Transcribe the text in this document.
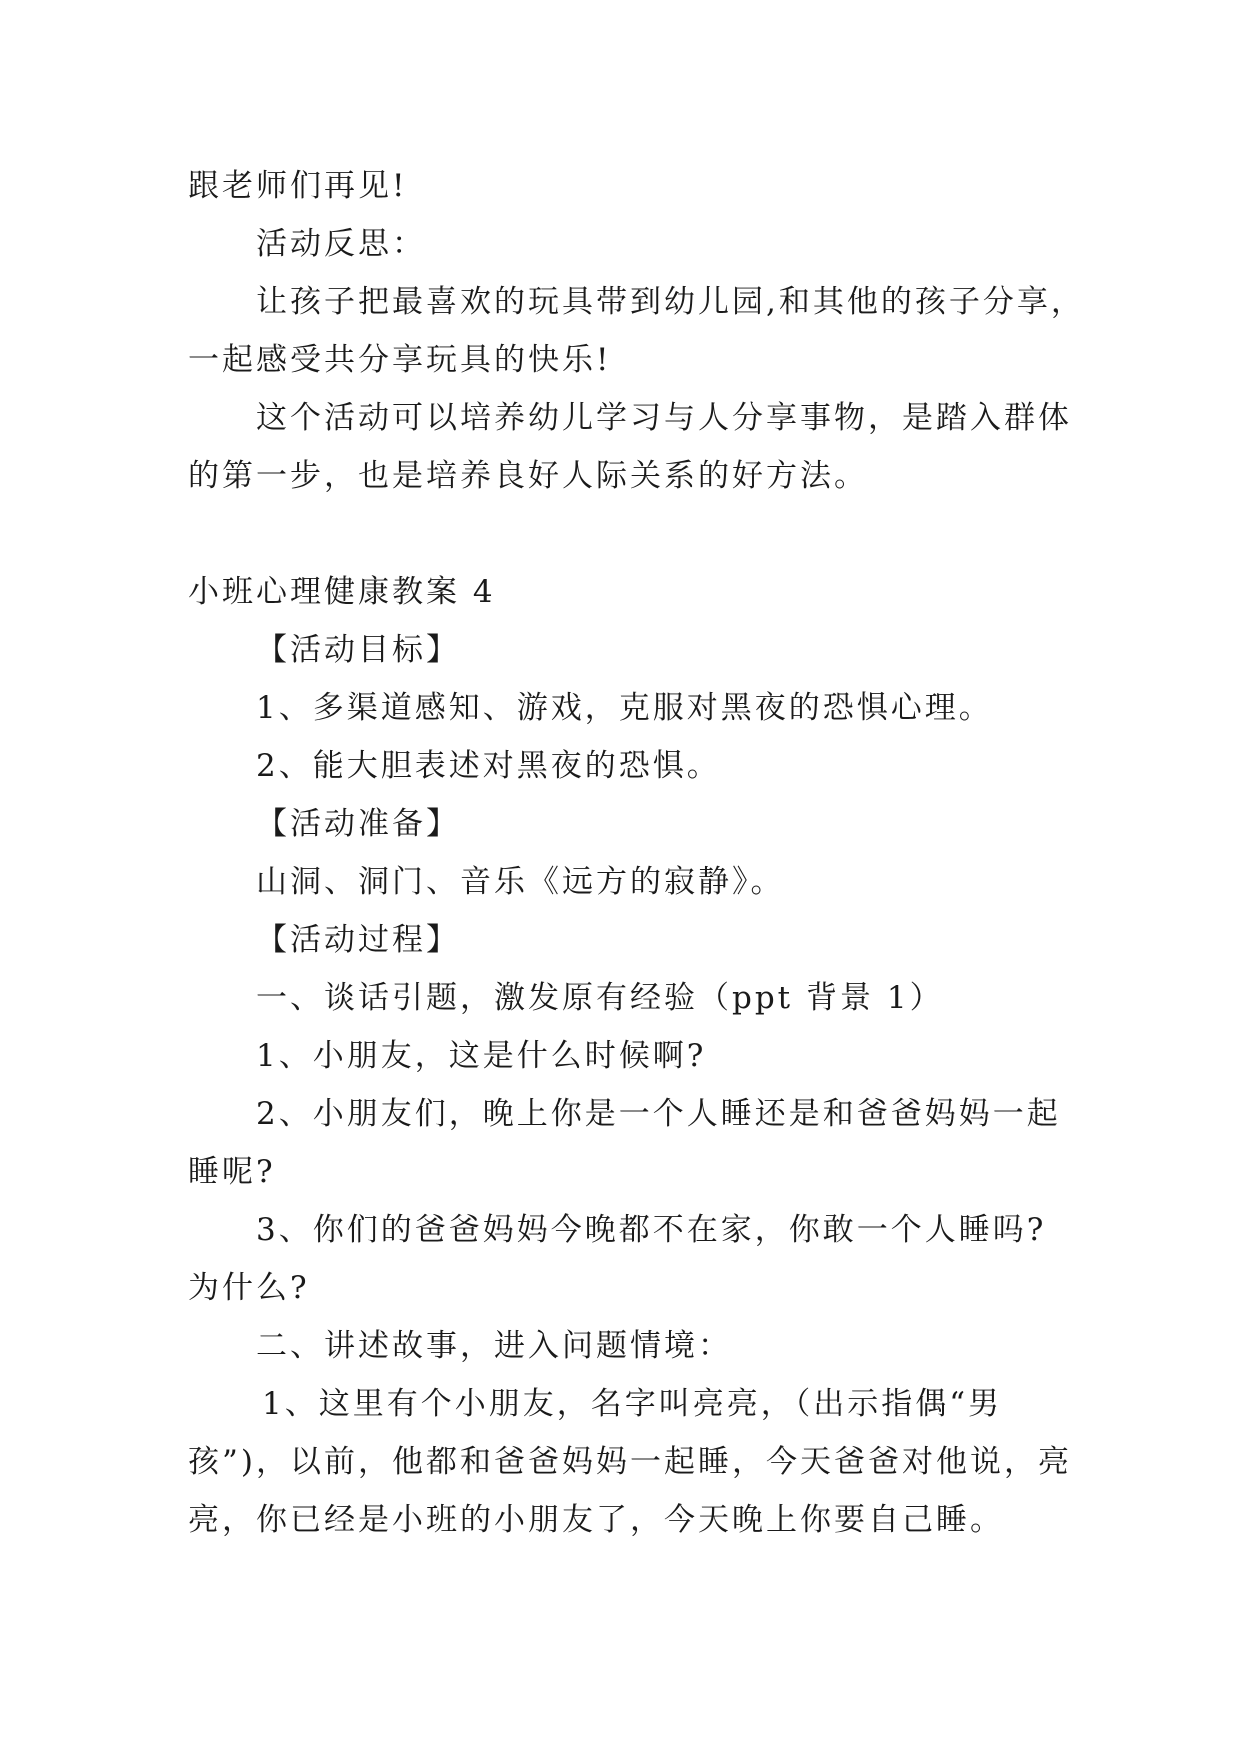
跟老师们再见!
活动反思：
让孩子把最喜欢的玩具带到幼儿园,和其他的孩子分享，
一起感受共分享玩具的快乐!
这个活动可以培养幼儿学习与人分享事物，是踏入群体
的第一步，也是培养良好人际关系的好方法。
小班心理健康教案 4
【活动目标】
1、多渠道感知、游戏，克服对黑夜的恐惧心理。
2、能大胆表述对黑夜的恐惧。
【活动准备】
山洞、洞门、音乐《远方的寂静》。
【活动过程】
一、谈话引题，激发原有经验（ppt 背景 1）
1、小朋友，这是什么时候啊?
2、小朋友们，晚上你是一个人睡还是和爸爸妈妈一起
睡呢?
3、你们的爸爸妈妈今晚都不在家，你敢一个人睡吗?
为什么?
二、讲述故事，进入问题情境：
1、这里有个小朋友，名字叫亮亮，（出示指偶“男
孩”)，以前，他都和爸爸妈妈一起睡，今天爸爸对他说，亮
亮，你已经是小班的小朋友了，今天晚上你要自己睡。
